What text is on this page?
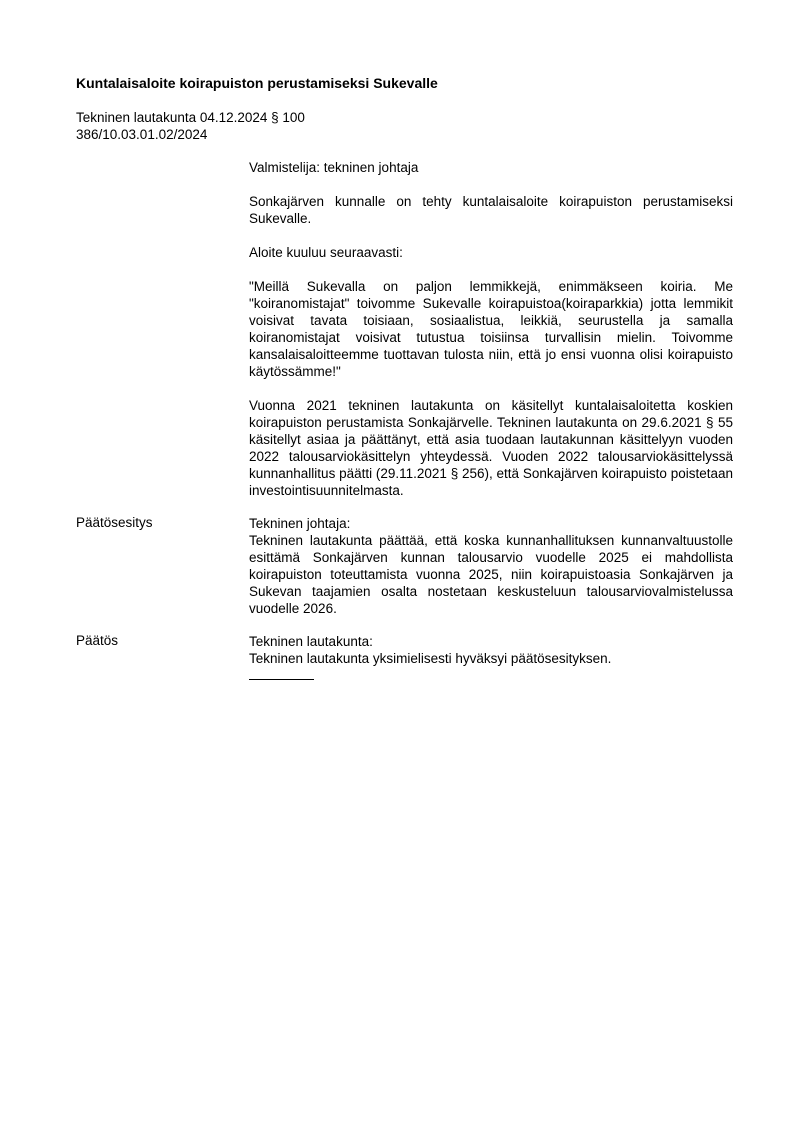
Kuntalaisaloite koirapuiston perustamiseksi Sukevalle
Tekninen lautakunta 04.12.2024 § 100
386/10.03.01.02/2024
Valmistelija: tekninen johtaja
Sonkajärven kunnalle on tehty kuntalaisaloite koirapuiston perustamiseksi Sukevalle.
Aloite kuuluu seuraavasti:
"Meillä Sukevalla on paljon lemmikkejä, enimmäkseen koiria. Me "koiranomistajat" toivomme Sukevalle koirapuistoa(koiraparkkia) jotta lemmikit voisivat tavata toisiaan, sosiaalistua, leikkiä, seurustella ja samalla koiranomistajat voisivat tutustua toisiinsa turvallisin mielin. Toivomme kansalaisaloitteemme tuottavan tulosta niin, että jo ensi vuonna olisi koirapuisto käytössämme!"
Vuonna 2021 tekninen lautakunta on käsitellyt kuntalaisaloitetta koskien koirapuiston perustamista Sonkajärvelle. Tekninen lautakunta on 29.6.2021 § 55 käsitellyt asiaa ja päättänyt, että asia tuodaan lautakunnan käsittelyyn vuoden 2022 talousarviokäsittelyn yhteydessä. Vuoden 2022 talousarviokäsittelyssä kunnanhallitus päätti (29.11.2021 § 256), että Sonkajärven koirapuisto poistetaan investointisuunnitelmasta.
Päätösesitys	Tekninen johtaja:
Tekninen lautakunta päättää, että koska kunnanhallituksen kunnanvaltuustolle esittämä Sonkajärven kunnan talousarvio vuodelle 2025 ei mahdollista koirapuiston toteuttamista vuonna 2025, niin koirapuistoasia Sonkajärven ja Sukevan taajamien osalta nostetaan keskusteluun talousarviovalmistelussa vuodelle 2026.
Päätös	Tekninen lautakunta:
Tekninen lautakunta yksimielisesti hyväksyi päätösesityksen.
